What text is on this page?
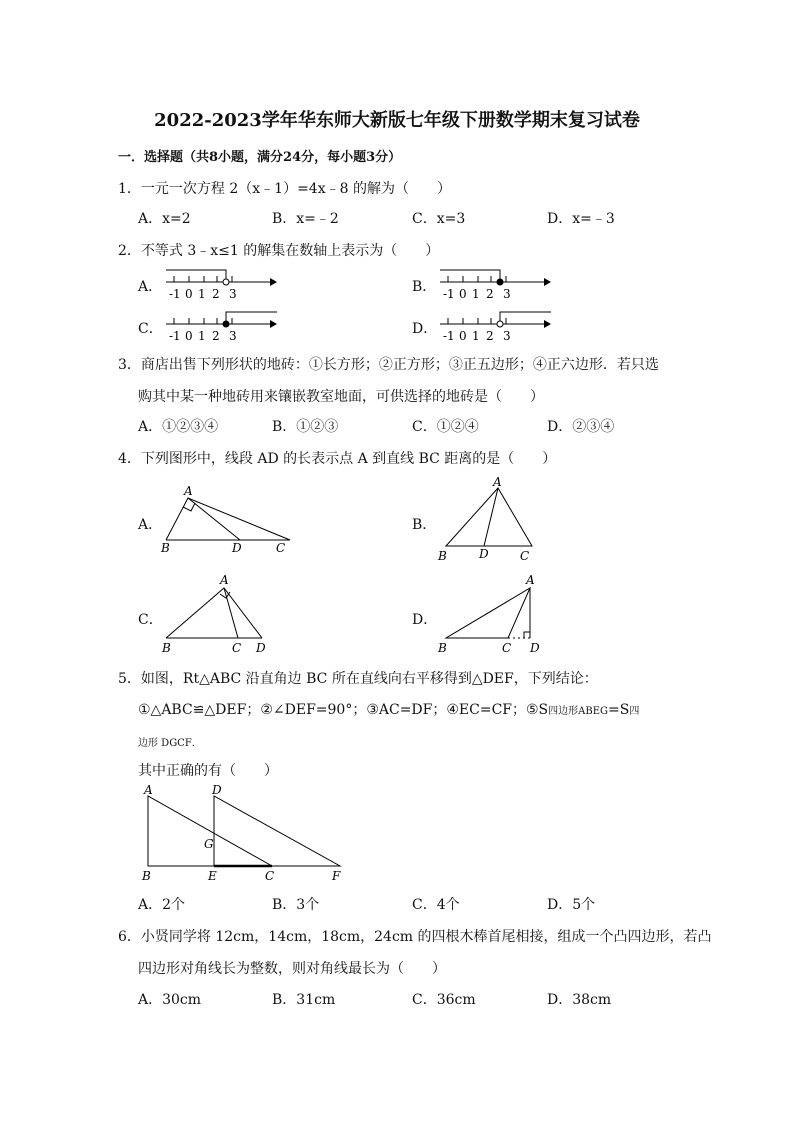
2022-2023学年华东师大新版七年级下册数学期末复习试卷
一．选择题（共8小题，满分24分，每小题3分）
1．一元一次方程 2（x﹣1）=4x﹣8 的解为（　　）
A．x=2	B．x=﹣2	C．x=3	D．x=﹣3
2．不等式 3﹣x≤1 的解集在数轴上表示为（　　）
A． -1 0 1 2 3	B． -1 0 1 2 3
C． -1 0 1 2 3	D． -1 0 1 2 3
3．商店出售下列形状的地砖：①长方形；②正方形；③正五边形；④正六边形．若只选
购其中某一种地砖用来镶嵌教室地面，可供选择的地砖是（　　）
A．①②③④	B．①②③	C．①②④	D．②③④
4．下列图形中，线段 AD 的长表示点 A 到直线 BC 距离的是（　　）
A．
A
B	D	C
B．
A
B	D	C
C．
A
B	C D
D．
A
B	C D
5．如图，Rt△ABC 沿直角边 BC 所在直线向右平移得到△DEF，下列结论：
①△ABC≌△DEF；②∠DEF=90°；③AC=DF；④EC=CF；⑤S四边形ABEG=S四
边形 DGCF．
其中正确的有（　　）
A	D
G
B	E	C	F
A．2个	B．3个	C．4个	D．5个
6．小贤同学将 12cm，14cm，18cm，24cm 的四根木棒首尾相接，组成一个凸四边形，若凸
四边形对角线长为整数，则对角线最长为（　　）
A．30cm	B．31cm	C．36cm	D．38cm
